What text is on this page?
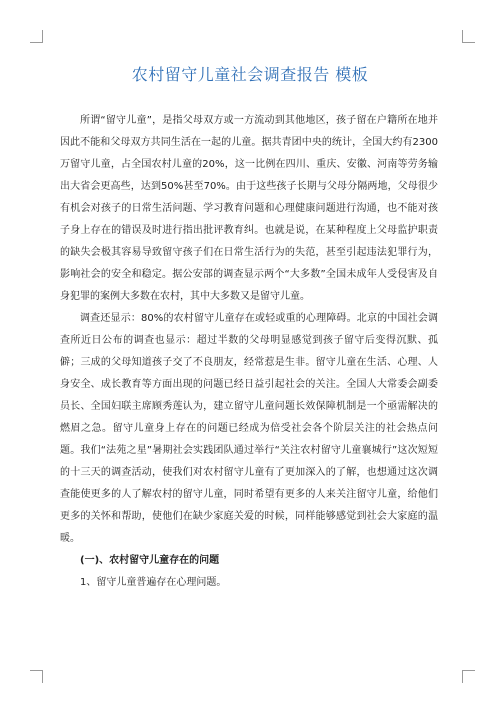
农村留守儿童社会调查报告 模板

所谓“留守儿童”，是指父母双方或一方流动到其他地区，孩子留在户籍所在地并因此不能和父母双方共同生活在一起的儿童。据共青团中央的统计，全国大约有2300万留守儿童，占全国农村儿童的20%，这一比例在四川、重庆、安徽、河南等劳务输出大省会更高些，达到50%甚至70%。由于这些孩子长期与父母分隔两地，父母很少有机会对孩子的日常生活问题、学习教育问题和心理健康问题进行沟通，也不能对孩子身上存在的错误及时进行指出批评教育纠。也就是说，在某种程度上父母监护职责的缺失会极其容易导致留守孩子们在日常生活行为的失范，甚至引起违法犯罪行为，影响社会的安全和稳定。据公安部的调查显示两个“大多数”全国未成年人受侵害及自身犯罪的案例大多数在农村，其中大多数又是留守儿童。

调查还显示：80%的农村留守儿童存在或轻或重的心理障碍。北京的中国社会调查所近日公布的调查也显示：超过半数的父母明显感觉到孩子留守后变得沉默、孤僻；三成的父母知道孩子交了不良朋友，经常惹是生非。留守儿童在生活、心理、人身安全、成长教育等方面出现的问题已经日益引起社会的关注。全国人大常委会副委员长、全国妇联主席顾秀莲认为，建立留守儿童问题长效保障机制是一个亟需解决的燃眉之急。留守儿童身上存在的问题已经成为倍受社会各个阶层关注的社会热点问题。我们“法苑之星”暑期社会实践团队通过举行“关注农村留守儿童襄城行”这次短短的十三天的调查活动，使我们对农村留守儿童有了更加深入的了解，也想通过这次调查能使更多的人了解农村的留守儿童，同时希望有更多的人来关注留守儿童，给他们更多的关怀和帮助，使他们在缺少家庭关爱的时候，同样能够感觉到社会大家庭的温暖。

(一)、农村留守儿童存在的问题

1、留守儿童普遍存在心理问题。
